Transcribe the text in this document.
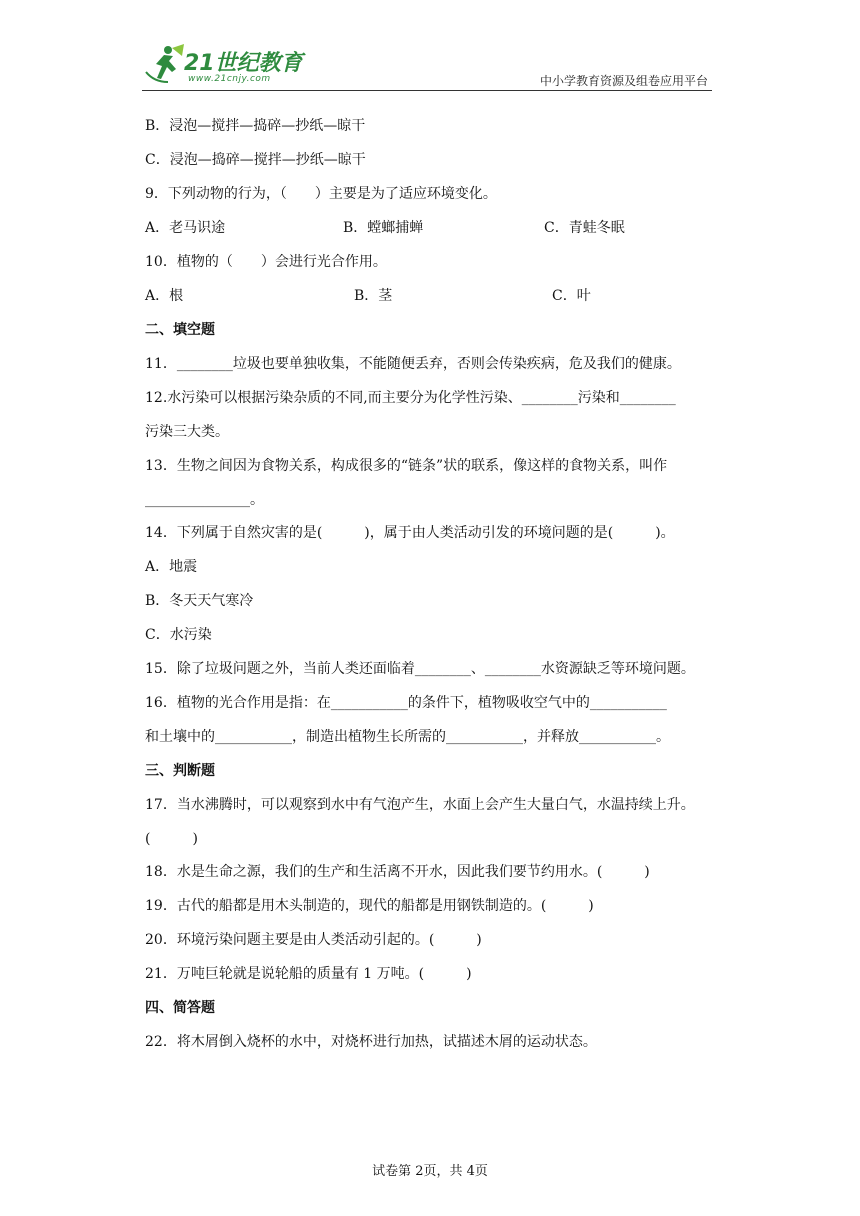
21世纪教育
www.21cnjy.com	中小学教育资源及组卷应用平台
B．浸泡—搅拌—捣碎—抄纸—晾干
C．浸泡—捣碎—搅拌—抄纸—晾干
9．下列动物的行为，（　　）主要是为了适应环境变化。
A．老马识途	B．螳螂捕蝉	C．青蛙冬眠
10．植物的（　　）会进行光合作用。
A．根	B．茎	C．叶
二、填空题
11．________垃圾也要单独收集，不能随便丢弃，否则会传染疾病，危及我们的健康。
12.水污染可以根据污染杂质的不同,而主要分为化学性污染、________污染和________
污染三大类。
13．生物之间因为食物关系，构成很多的“链条”状的联系，像这样的食物关系，叫作
_______________。
14．下列属于自然灾害的是(　　　)，属于由人类活动引发的环境问题的是(　　　)。
A．地震
B．冬天天气寒冷
C．水污染
15．除了垃圾问题之外，当前人类还面临着________、________水资源缺乏等环境问题。
16．植物的光合作用是指：在___________的条件下，植物吸收空气中的___________
和土壤中的___________，制造出植物生长所需的___________，并释放___________。
三、判断题
17．当水沸腾时，可以观察到水中有气泡产生，水面上会产生大量白气，水温持续上升。
(　　　)
18．水是生命之源，我们的生产和生活离不开水，因此我们要节约用水。(　　　)
19．古代的船都是用木头制造的，现代的船都是用钢铁制造的。(　　　)
20．环境污染问题主要是由人类活动引起的。(　　　)
21．万吨巨轮就是说轮船的质量有 1 万吨。(　　　)
四、简答题
22．将木屑倒入烧杯的水中，对烧杯进行加热，试描述木屑的运动状态。
试卷第 2页，共 4页
